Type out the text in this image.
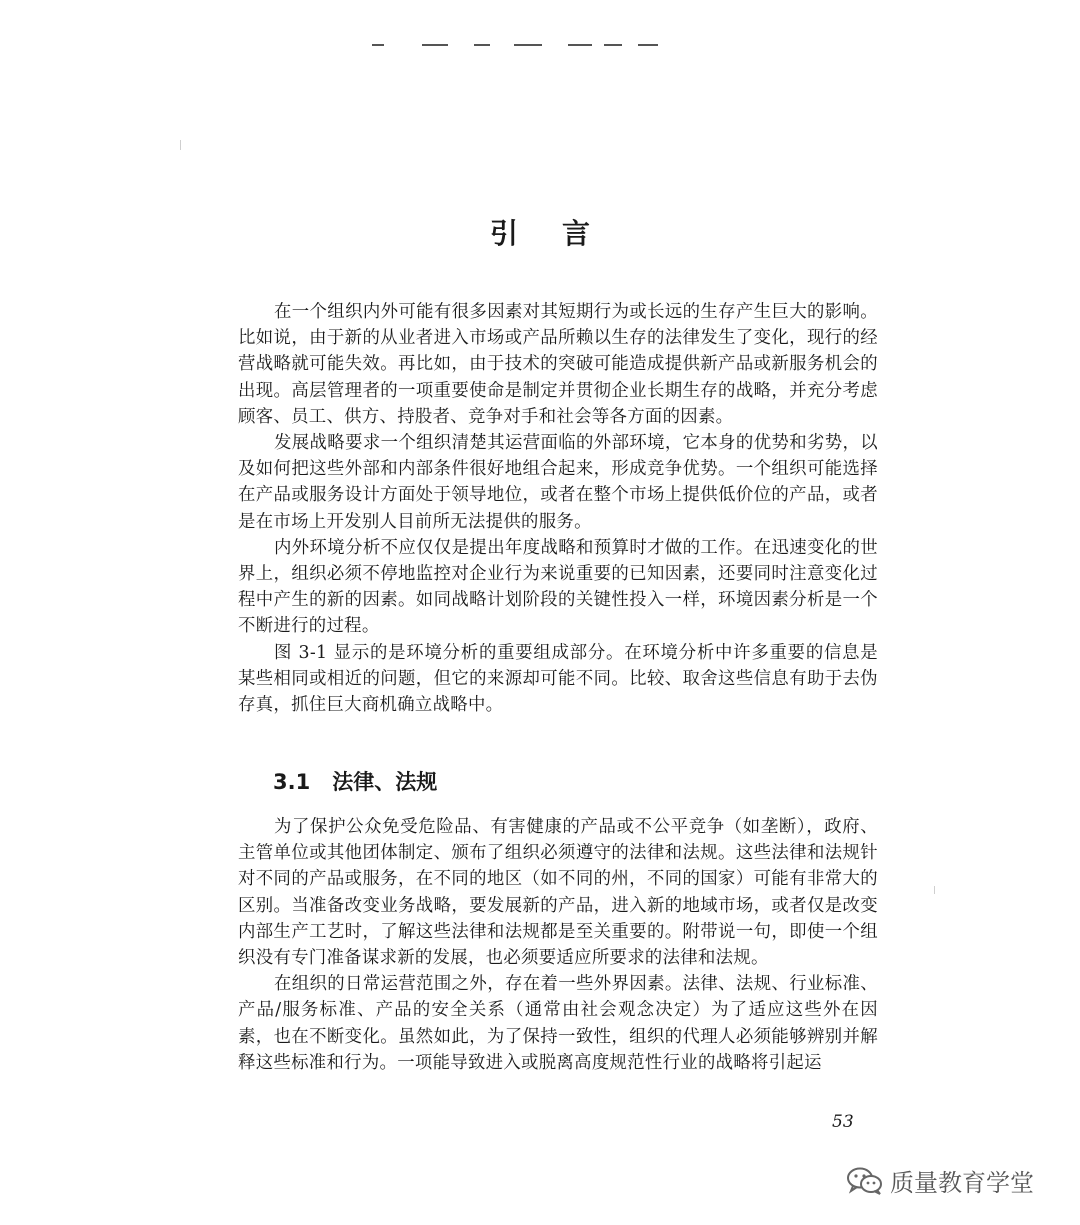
引言

在一个组织内外可能有很多因素对其短期行为或长远的生存产生巨大的影响。比如说，由于新的从业者进入市场或产品所赖以生存的法律发生了变化，现行的经营战略就可能失效。再比如，由于技术的突破可能造成提供新产品或新服务机会的出现。高层管理者的一项重要使命是制定并贯彻企业长期生存的战略，并充分考虑顾客、员工、供方、持股者、竞争对手和社会等各方面的因素。

发展战略要求一个组织清楚其运营面临的外部环境，它本身的优势和劣势，以及如何把这些外部和内部条件很好地组合起来，形成竞争优势。一个组织可能选择在产品或服务设计方面处于领导地位，或者在整个市场上提供低价位的产品，或者是在市场上开发别人目前所无法提供的服务。

内外环境分析不应仅仅是提出年度战略和预算时才做的工作。在迅速变化的世界上，组织必须不停地监控对企业行为来说重要的已知因素，还要同时注意变化过程中产生的新的因素。如同战略计划阶段的关键性投入一样，环境因素分析是一个不断进行的过程。

图 3-1 显示的是环境分析的重要组成部分。在环境分析中许多重要的信息是某些相同或相近的问题，但它的来源却可能不同。比较、取舍这些信息有助于去伪存真，抓住巨大商机确立战略中。

3.1 法律、法规

为了保护公众免受危险品、有害健康的产品或不公平竞争（如垄断），政府、主管单位或其他团体制定、颁布了组织必须遵守的法律和法规。这些法律和法规针对不同的产品或服务，在不同的地区（如不同的州，不同的国家）可能有非常大的区别。当准备改变业务战略，要发展新的产品，进入新的地域市场，或者仅是改变内部生产工艺时，了解这些法律和法规都是至关重要的。附带说一句，即使一个组织没有专门准备谋求新的发展，也必须要适应所要求的法律和法规。

在组织的日常运营范围之外，存在着一些外界因素。法律、法规、行业标准、产品/服务标准、产品的安全关系（通常由社会观念决定）为了适应这些外在因素，也在不断变化。虽然如此，为了保持一致性，组织的代理人必须能够辨别并解释这些标准和行为。一项能导致进入或脱离高度规范性行业的战略将引起运

53
质量教育学堂
